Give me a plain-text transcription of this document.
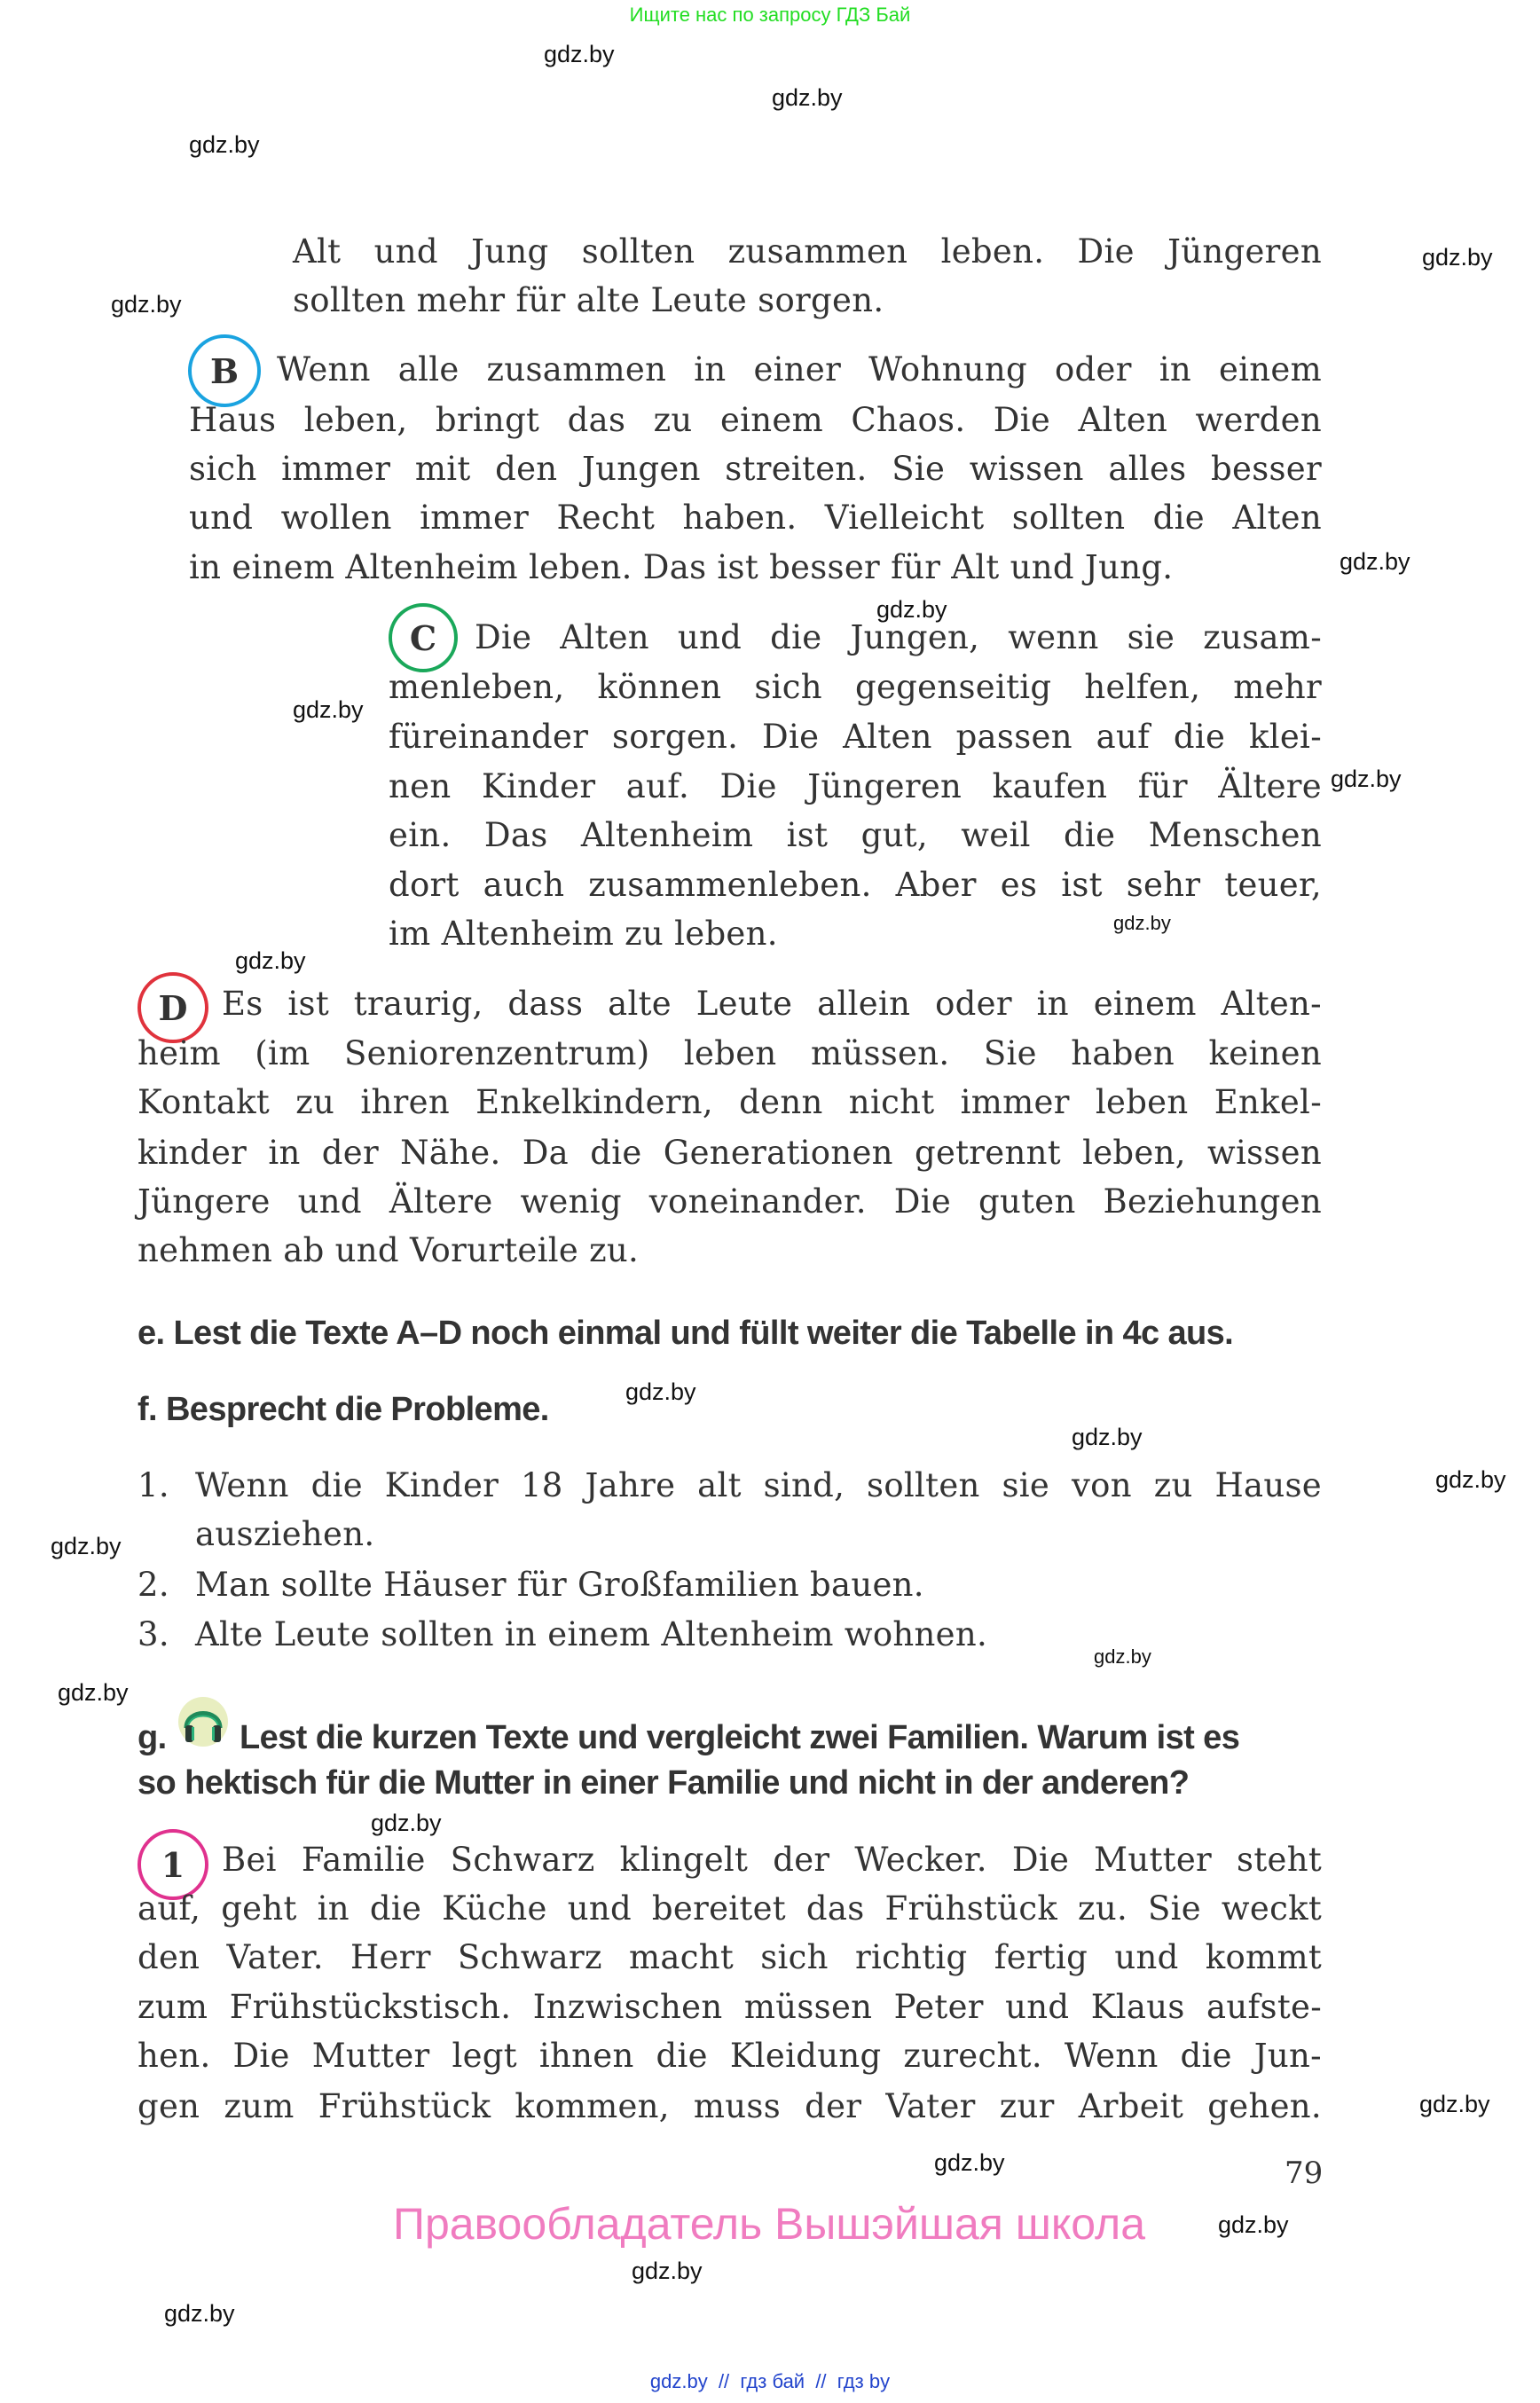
Ищите нас по запросу ГДЗ Бай
gdz.by
gdz.by
gdz.by
gdz.by
gdz.by
gdz.by
gdz.by
gdz.by
gdz.by
gdz.by
gdz.by
gdz.by
gdz.by
gdz.by
gdz.by
gdz.by
gdz.by
gdz.by
gdz.by
gdz.by
gdz.by
gdz.by
gdz.by
Alt und Jung sollten zusammen leben. Die Jüngeren
sollten mehr für alte Leute sorgen.
B	Wenn alle zusammen in einer Wohnung oder in einem
Haus leben, bringt das zu einem Chaos. Die Alten werden
sich immer mit den Jungen streiten. Sie wissen alles besser
und wollen immer Recht haben. Vielleicht sollten die Alten
in einem Altenheim leben. Das ist besser für Alt und Jung.
C	Die Alten und die Jungen, wenn sie zusam-
menleben, können sich gegenseitig helfen, mehr
füreinander sorgen. Die Alten passen auf die klei-
nen Kinder auf. Die Jüngeren kaufen für Ältere
ein. Das Altenheim ist gut, weil die Menschen
dort auch zusammenleben. Aber es ist sehr teuer,
im Altenheim zu leben.
D	Es ist traurig, dass alte Leute allein oder in einem Alten-
heim (im Seniorenzentrum) leben müssen. Sie haben keinen
Kontakt zu ihren Enkelkindern, denn nicht immer leben Enkel-
kinder in der Nähe. Da die Generationen getrennt leben, wissen
Jüngere und Ältere wenig voneinander. Die guten Beziehungen
nehmen ab und Vorurteile zu.
e. Lest die Texte A–D noch einmal und füllt weiter die Tabelle in 4c aus.
f. Besprecht die Probleme.
1. Wenn die Kinder 18 Jahre alt sind, sollten sie von zu Hause
ausziehen.
2. Man sollte Häuser für Großfamilien bauen.
3. Alte Leute sollten in einem Altenheim wohnen.
g. Lest die kurzen Texte und vergleicht zwei Familien. Warum ist es
so hektisch für die Mutter in einer Familie und nicht in der anderen?
1	Bei Familie Schwarz klingelt der Wecker. Die Mutter steht
auf, geht in die Küche und bereitet das Frühstück zu. Sie weckt
den Vater. Herr Schwarz macht sich richtig fertig und kommt
zum Frühstückstisch. Inzwischen müssen Peter und Klaus aufste-
hen. Die Mutter legt ihnen die Kleidung zurecht. Wenn die Jun-
gen zum Frühstück kommen, muss der Vater zur Arbeit gehen.
79
Правообладатель Вышэйшая школа
gdz.by  //  гдз бай  //  гдз by
